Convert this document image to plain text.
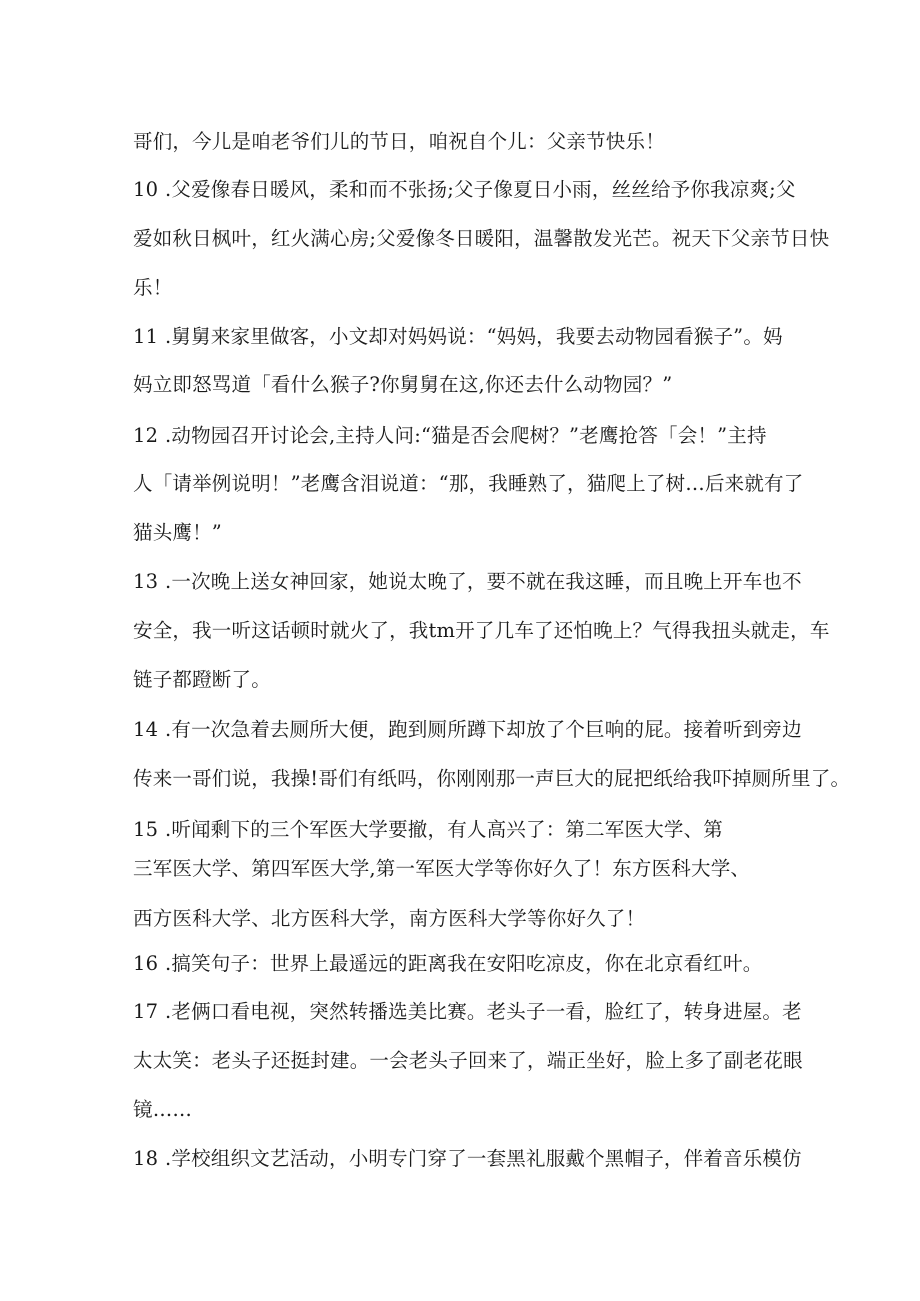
哥们，今儿是咱老爷们儿的节日，咱祝自个儿：父亲节快乐！
10 .父爱像春日暖风，柔和而不张扬;父子像夏日小雨，丝丝给予你我凉爽;父
爱如秋日枫叶，红火满心房;父爱像冬日暖阳，温馨散发光芒。祝天下父亲节日快
乐！
11 .舅舅来家里做客，小文却对妈妈说：“妈妈，我要去动物园看猴子”。妈
妈立即怒骂道「看什么猴子?你舅舅在这,你还去什么动物园？”
12 .动物园召开讨论会,主持人问:“猫是否会爬树？”老鹰抢答「会！”主持
人「请举例说明！”老鹰含泪说道：“那，我睡熟了，猫爬上了树…后来就有了
猫头鹰！”
13 .一次晚上送女神回家，她说太晚了，要不就在我这睡，而且晚上开车也不
安全，我一听这话顿时就火了，我tm开了几车了还怕晚上？气得我扭头就走，车
链子都蹬断了。
14 .有一次急着去厕所大便，跑到厕所蹲下却放了个巨响的屁。接着听到旁边
传来一哥们说，我操!哥们有纸吗，你刚刚那一声巨大的屁把纸给我吓掉厕所里了。
15 .听闻剩下的三个军医大学要撤，有人高兴了：第二军医大学、第
三军医大学、第四军医大学,第一军医大学等你好久了！东方医科大学、
西方医科大学、北方医科大学，南方医科大学等你好久了！
16 .搞笑句子：世界上最遥远的距离我在安阳吃凉皮，你在北京看红叶。
17 .老俩口看电视，突然转播选美比赛。老头子一看，脸红了，转身进屋。老
太太笑：老头子还挺封建。一会老头子回来了，端正坐好，脸上多了副老花眼
镜……
18 .学校组织文艺活动，小明专门穿了一套黑礼服戴个黑帽子，伴着音乐模仿
